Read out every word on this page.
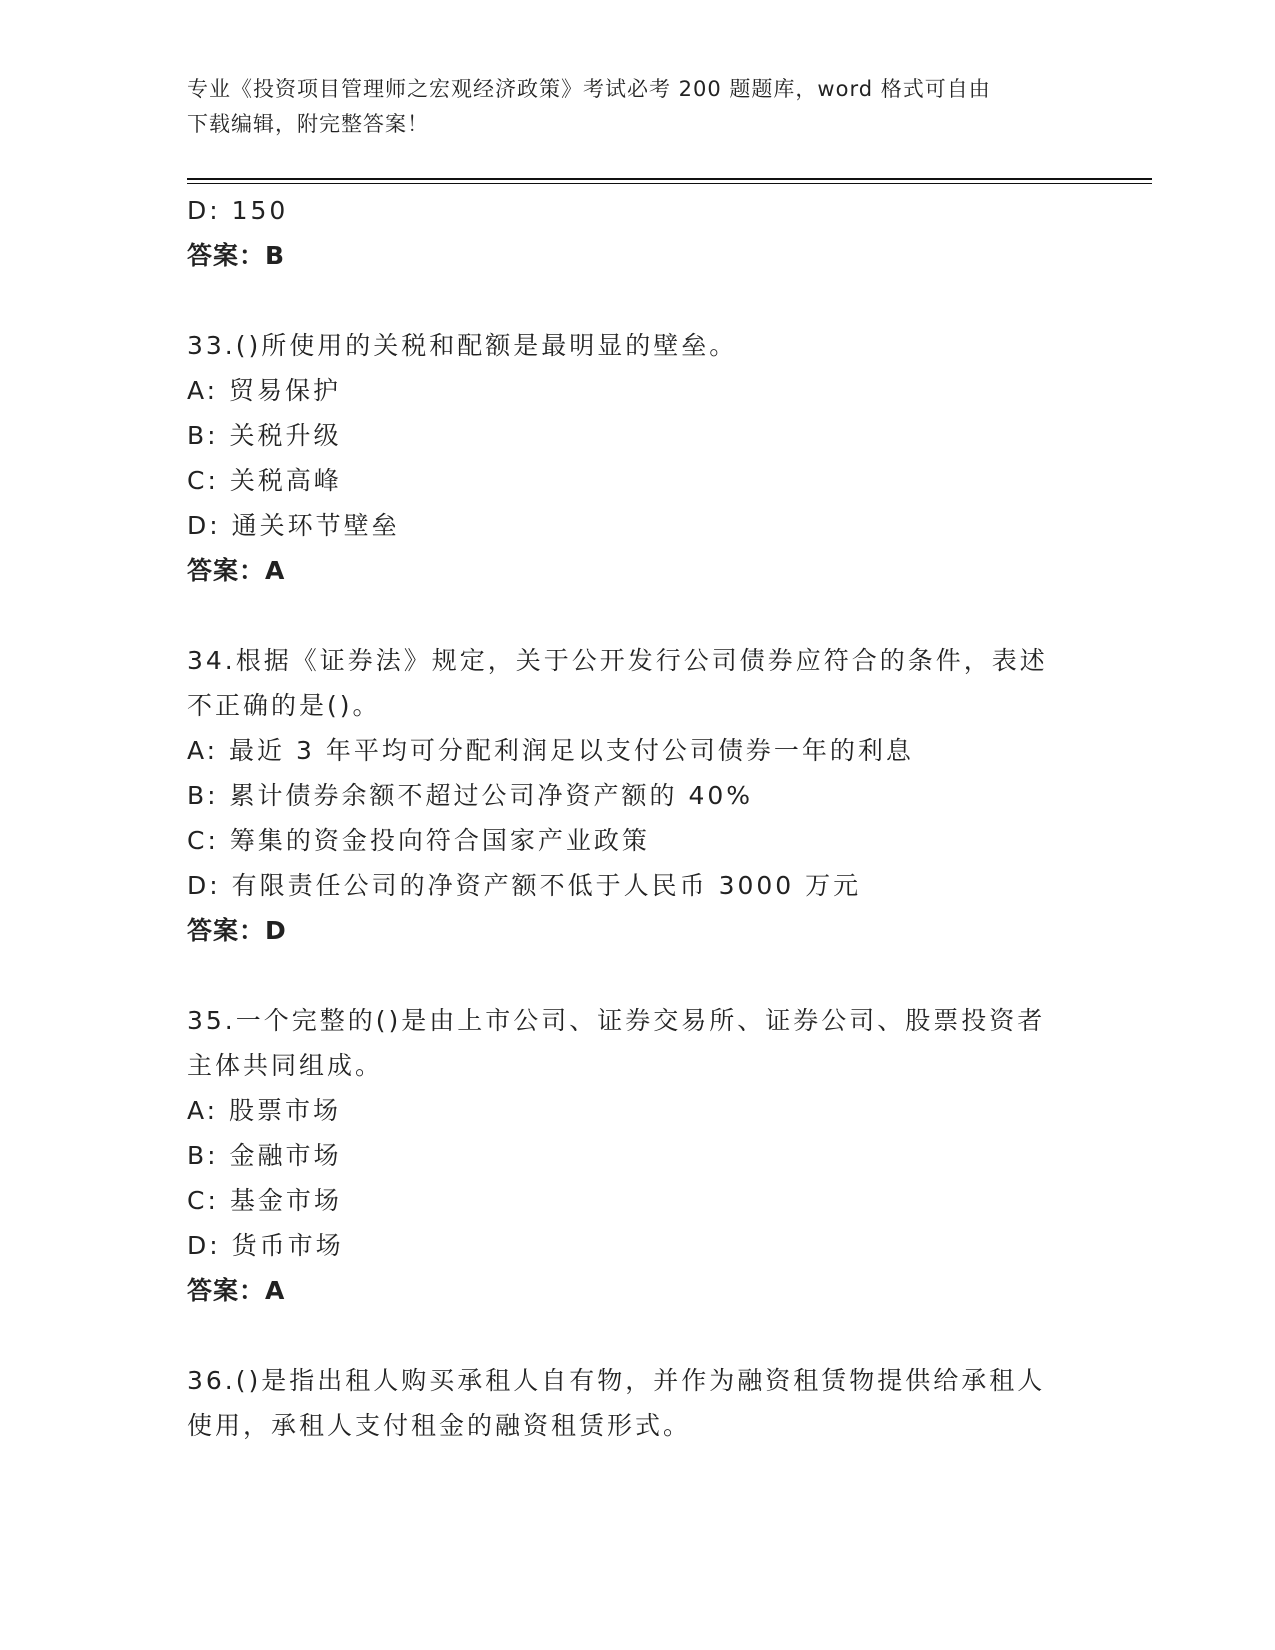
专业《投资项目管理师之宏观经济政策》考试必考 200 题题库，word 格式可自由
下载编辑，附完整答案！
D: 150
答案：B
33.()所使用的关税和配额是最明显的壁垒。
A: 贸易保护
B: 关税升级
C: 关税高峰
D: 通关环节壁垒
答案：A
34.根据《证券法》规定，关于公开发行公司债券应符合的条件，表述
不正确的是()。
A: 最近 3 年平均可分配利润足以支付公司债券一年的利息
B: 累计债券余额不超过公司净资产额的 40%
C: 筹集的资金投向符合国家产业政策
D: 有限责任公司的净资产额不低于人民币 3000 万元
答案：D
35.一个完整的()是由上市公司、证券交易所、证券公司、股票投资者
主体共同组成。
A: 股票市场
B: 金融市场
C: 基金市场
D: 货币市场
答案：A
36.()是指出租人购买承租人自有物，并作为融资租赁物提供给承租人
使用，承租人支付租金的融资租赁形式。
